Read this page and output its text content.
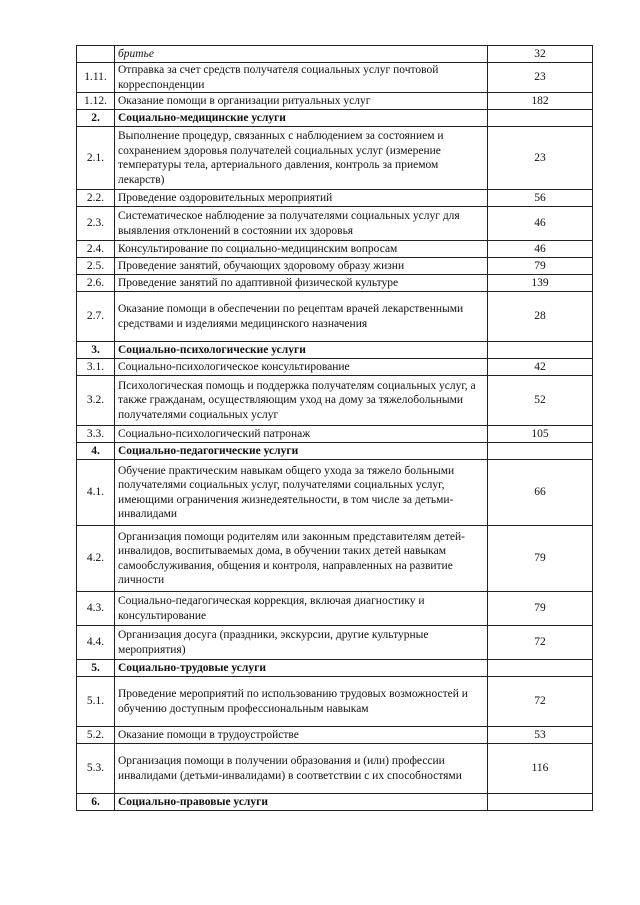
	бритье	32
1.11.	Отправка за счет средств получателя социальных услуг почтовой корреспонденции	23
1.12.	Оказание помощи в организации ритуальных услуг	182
2.	Социально-медицинские услуги	
2.1.	Выполнение процедур, связанных с наблюдением за состоянием и сохранением здоровья получателей социальных услуг (измерение температуры тела, артериального давления, контроль за приемом лекарств)	23
2.2.	Проведение оздоровительных мероприятий	56
2.3.	Систематическое наблюдение за получателями социальных услуг для выявления отклонений в состоянии их здоровья	46
2.4.	Консультирование по социально-медицинским вопросам	46
2.5.	Проведение занятий, обучающих здоровому образу жизни	79
2.6.	Проведение занятий по адаптивной физической культуре	139
2.7.	Оказание помощи в обеспечении по рецептам врачей лекарственными средствами и изделиями медицинского назначения	28
3.	Социально-психологические услуги	
3.1.	Социально-психологическое консультирование	42
3.2.	Психологическая помощь и поддержка получателям социальных услуг, а также гражданам, осуществляющим уход на дому за тяжелобольными получателями социальных услуг	52
3.3.	Социально-психологический патронаж	105
4.	Социально-педагогические услуги	
4.1.	Обучение практическим навыкам общего ухода за тяжело больными получателями социальных услуг, получателями социальных услуг, имеющими ограничения жизнедеятельности, в том числе за детьми-инвалидами	66
4.2.	Организация помощи родителям или законным представителям детей-инвалидов, воспитываемых дома, в обучении таких детей навыкам самообслуживания, общения и контроля, направленных на развитие личности	79
4.3.	Социально-педагогическая коррекция, включая диагностику и консультирование	79
4.4.	Организация досуга (праздники, экскурсии, другие культурные мероприятия)	72
5.	Социально-трудовые услуги	
5.1.	Проведение мероприятий по использованию трудовых возможностей и обучению доступным профессиональным навыкам	72
5.2.	Оказание помощи в трудоустройстве	53
5.3.	Организация помощи в получении образования и (или) профессии инвалидами (детьми-инвалидами) в соответствии с их способностями	116
6.	Социально-правовые услуги	
